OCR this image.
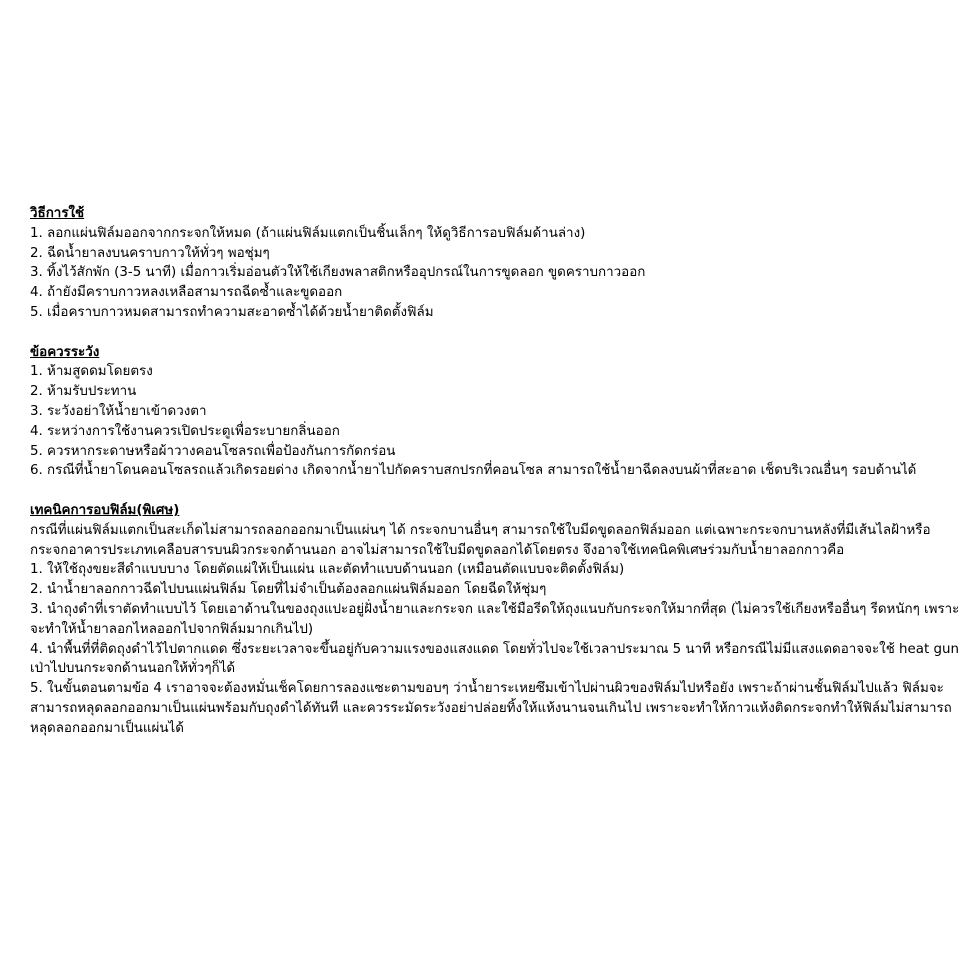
วิธีการใช้
1. ลอกแผ่นฟิล์มออกจากกระจกให้หมด (ถ้าแผ่นฟิล์มแตกเป็นชิ้นเล็กๆ ให้ดูวิธีการอบฟิล์มด้านล่าง)
2. ฉีดน้ำยาลงบนคราบกาวให้ทั่วๆ พอชุ่มๆ
3. ทิ้งไว้สักพัก (3-5 นาที) เมื่อกาวเริ่มอ่อนตัวให้ใช้เกียงพลาสติกหรืออุปกรณ์ในการขูดลอก ขูดคราบกาวออก
4. ถ้ายังมีคราบกาวหลงเหลือสามารถฉีดซ้ำและขูดออก
5. เมื่อคราบกาวหมดสามารถทำความสะอาดซ้ำได้ด้วยน้ำยาติดตั้งฟิล์ม
ข้อควรระวัง
1. ห้ามสูดดมโดยตรง
2. ห้ามรับประทาน
3. ระวังอย่าให้น้ำยาเข้าดวงตา
4. ระหว่างการใช้งานควรเปิดประตูเพื่อระบายกลิ่นออก
5. ควรหากระดาษหรือผ้าวางคอนโซลรถเพื่อป้องกันการกัดกร่อน
6. กรณีที่น้ำยาโดนคอนโซลรถแล้วเกิดรอยด่าง เกิดจากน้ำยาไปกัดคราบสกปรกที่คอนโซล สามารถใช้น้ำยาฉีดลงบนผ้าที่สะอาด เช็ดบริเวณอื่นๆ รอบด้านได้
เทคนิคการอบฟิล์ม(พิเศษ)
กรณีที่แผ่นฟิล์มแตกเป็นสะเก็ดไม่สามารถลอกออกมาเป็นแผ่นๆ ได้ กระจกบานอื่นๆ สามารถใช้ใบมีดขูดลอกฟิล์มออก แต่เฉพาะกระจกบานหลังที่มีเส้นไลฝ้าหรือกระจกอาคารประเภทเคลือบสารบนผิวกระจกด้านนอก อาจไม่สามารถใช้ใบมีดขูดลอกได้โดยตรง จึงอาจใช้เทคนิคพิเศษร่วมกับน้ำยาลอกกาวคือ
1. ให้ใช้ถุงขยะสีดำแบบบาง โดยตัดแผ่ให้เป็นแผ่น และตัดทำแบบด้านนอก (เหมือนตัดแบบจะติดตั้งฟิล์ม)
2. นำน้ำยาลอกกาวฉีดไปบนแผ่นฟิล์ม โดยที่ไม่จำเป็นต้องลอกแผ่นฟิล์มออก โดยฉีดให้ชุ่มๆ
3. นำถุงดำที่เราตัดทำแบบไว้ โดยเอาด้านในของถุงแปะอยู่ฝั่งน้ำยาและกระจก และใช้มือรีดให้ถุงแนบกับกระจกให้มากที่สุด (ไม่ควรใช้เกียงหรืออื่นๆ รีดหนักๆ เพราะจะทำให้น้ำยาลอกไหลออกไปจากฟิล์มมากเกินไป)
4. นำพื้นที่ที่ติดถุงดำไว้ไปตากแดด ซึ่งระยะเวลาจะขึ้นอยู่กับความแรงของแสงแดด โดยทั่วไปจะใช้เวลาประมาณ 5 นาที หรือกรณีไม่มีแสงแดดอาจจะใช้ heat gun เป่าไปบนกระจกด้านนอกให้ทั่วๆก็ได้
5. ในขั้นตอนตามข้อ 4 เราอาจจะต้องหมั่นเช็คโดยการลองแซะตามขอบๆ ว่าน้ำยาระเหยซึมเข้าไปผ่านผิวของฟิล์มไปหรือยัง เพราะถ้าผ่านชั้นฟิล์มไปแล้ว ฟิล์มจะสามารถหลุดลอกออกมาเป็นแผ่นพร้อมกับถุงดำได้ทันที และควรระมัดระวังอย่าปล่อยทิ้งให้แห้งนานจนเกินไป เพราะจะทำให้กาวแห้งติดกระจกทำให้ฟิล์มไม่สามารถหลุดลอกออกมาเป็นแผ่นได้
